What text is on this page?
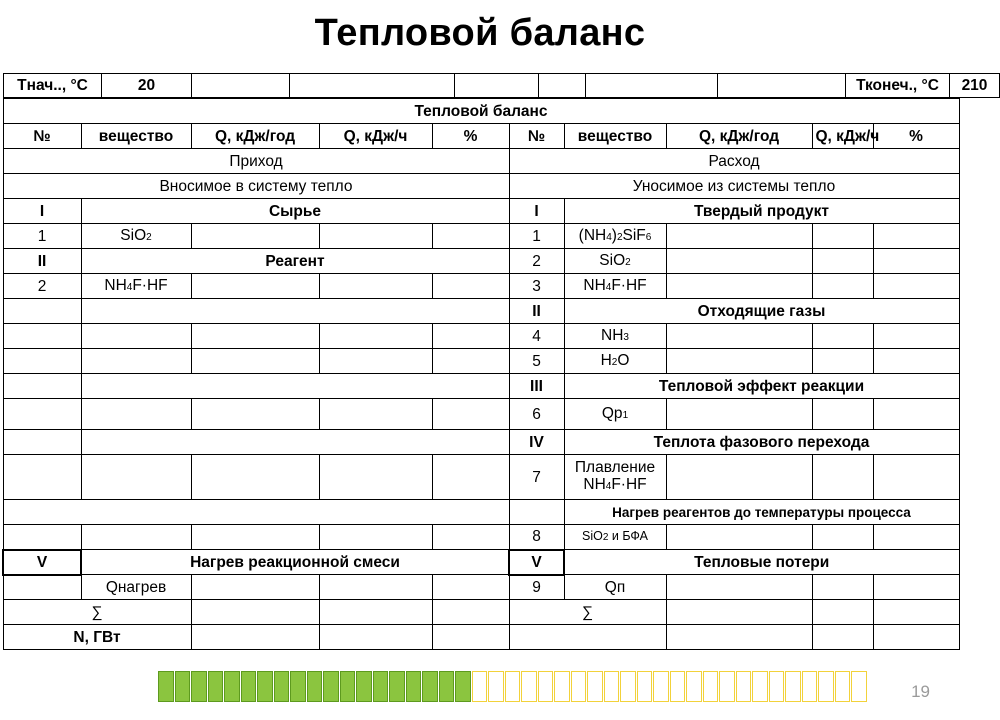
Тепловой баланс
Тнач.., °С	20							Тконеч., °С	210

Тепловой баланс
№	вещество	Q, кДж/год	Q, кДж/ч	%	№	вещество	Q, кДж/год	Q, кДж/ч	%
Приход	Расход
Вносимое в систему тепло	Уносимое из системы тепло
I	Сырье	I	Твердый продукт
1	SiO2				1	(NH4)2SiF6			
II	Реагент	2	SiO2			
2	NH4F·HF				3	NH4F·HF			
		II	Отходящие газы
					4	NH3			
					5	H2O			
		III	Тепловой эффект реакции
					6	Qр1			
		IV	Теплота фазового перехода
					7	Плавление
NH4F·HF			
		Нагрев реагентов до температуры процесса
					8	SiO2 и БФА			
V	Нагрев реакционной смеси	V	Тепловые потери
	Qнагрев				9	Qп			
∑				∑			
N, ГВт							
19
